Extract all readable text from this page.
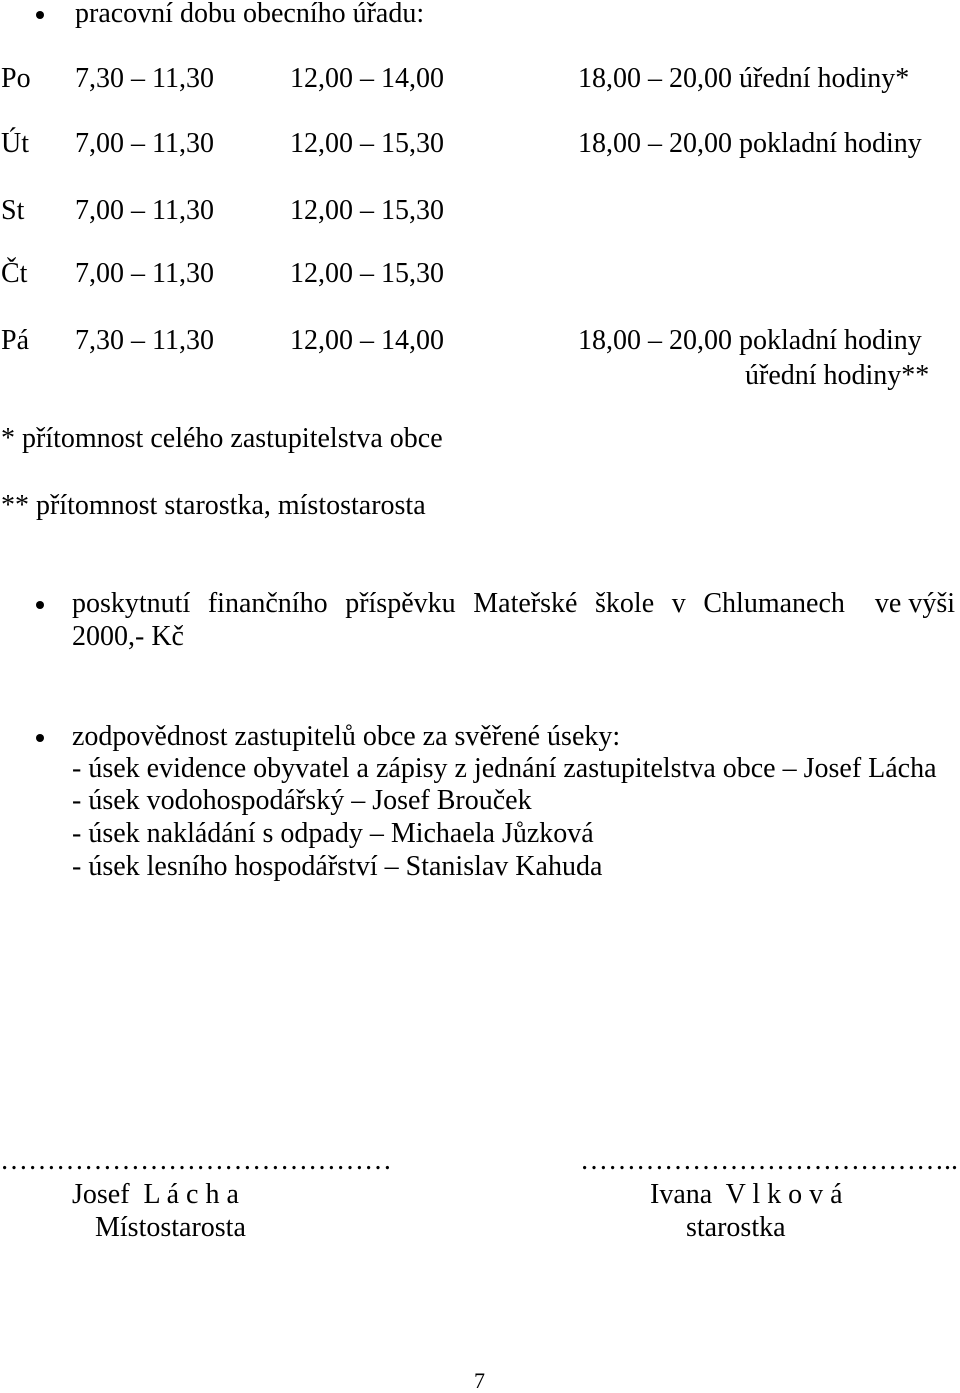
pracovní dobu obecního úřadu:
Po 7,30 – 11,30	12,00 – 14,00	18,00 – 20,00 úřední hodiny*
Út 7,00 – 11,30	12,00 – 15,30	18,00 – 20,00 pokladní hodiny
St 7,00 – 11,30	12,00 – 15,30
Čt 7,00 – 11,30	12,00 – 15,30
Pá 7,30 – 11,30	12,00 – 14,00	18,00 – 20,00 pokladní hodiny
úřední hodiny**
* přítomnost celého zastupitelstva obce
** přítomnost starostka, místostarosta
poskytnutí finančního příspěvku Mateřské škole v Chlumanech ve výši
2000,- Kč
zodpovědnost zastupitelů obce za svěřené úseky:
- úsek evidence obyvatel a zápisy z jednání zastupitelstva obce – Josef Lácha
- úsek vodohospodářský – Josef Brouček
- úsek nakládání s odpady – Michaela Jůzková
- úsek lesního hospodářství – Stanislav Kahuda
……………………………………
Josef  L á c h a
Místostarosta
…………………………………..
Ivana  V l k o v á
starostka
7
